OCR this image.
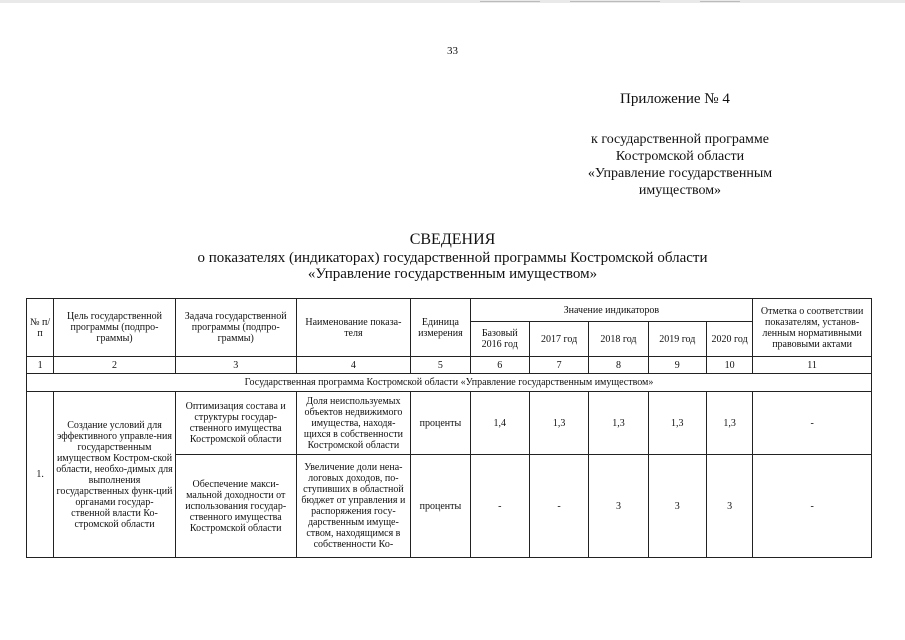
33
Приложение № 4
к государственной программе
Костромской области
«Управление государственным
имуществом»
СВЕДЕНИЯ
о показателях (индикаторах) государственной программы Костромской области
«Управление государственным имуществом»
№ п/п	Цель государственной программы (подпро-граммы)	Задача государственной программы (подпро-граммы)	Наименование показа-теля	Единица измерения	Значение индикаторов					Отметка о соответствии показателям, установ-ленным нормативными правовыми актами
					Базовый 2016 год	2017 год	2018 год	2019 год	2020 год	
1	2	3	4	5	6	7	8	9	10	11
Государственная программа Костромской области «Управление государственным имуществом»										
1.	Создание условий для эффективного управле-ния государственным имуществом Костром-ской области, необхо-димых для выполнения государственных функ-ций органами государ-ственной власти Ко-стромской области	Оптимизация состава и структуры государ-ственного имущества Костромской области	Доля неиспользуемых объектов недвижимого имущества, находя-щихся в собственности Костромской области	проценты	1,4	1,3	1,3	1,3	1,3	-
		Обеспечение макси-мальной доходности от использования государ-ственного имущества Костромской области	Увеличение доли нена-логовых доходов, по-ступивших в областной бюджет от управления и распоряжения госу-дарственным имуще-ством, находящимся в собственности Ко-	проценты	-	-	3	3	3	-
